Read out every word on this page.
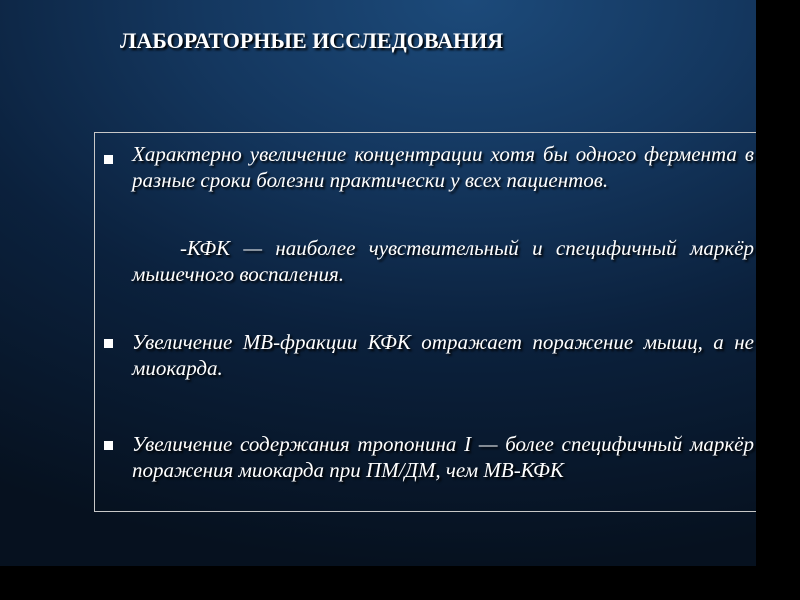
ЛАБОРАТОРНЫЕ ИССЛЕДОВАНИЯ

Характерно увеличение концентрации хотя бы одного фермента в разные сроки болезни практически у всех пациентов.

-КФК — наиболее чувствительный и специфичный маркёр мышечного воспаления.

Увеличение МВ-фракции КФК отражает поражение мышц, а не миокарда.

Увеличение содержания тропонина I — более специфичный маркёр поражения миокарда при ПМ/ДМ, чем МВ-КФК
